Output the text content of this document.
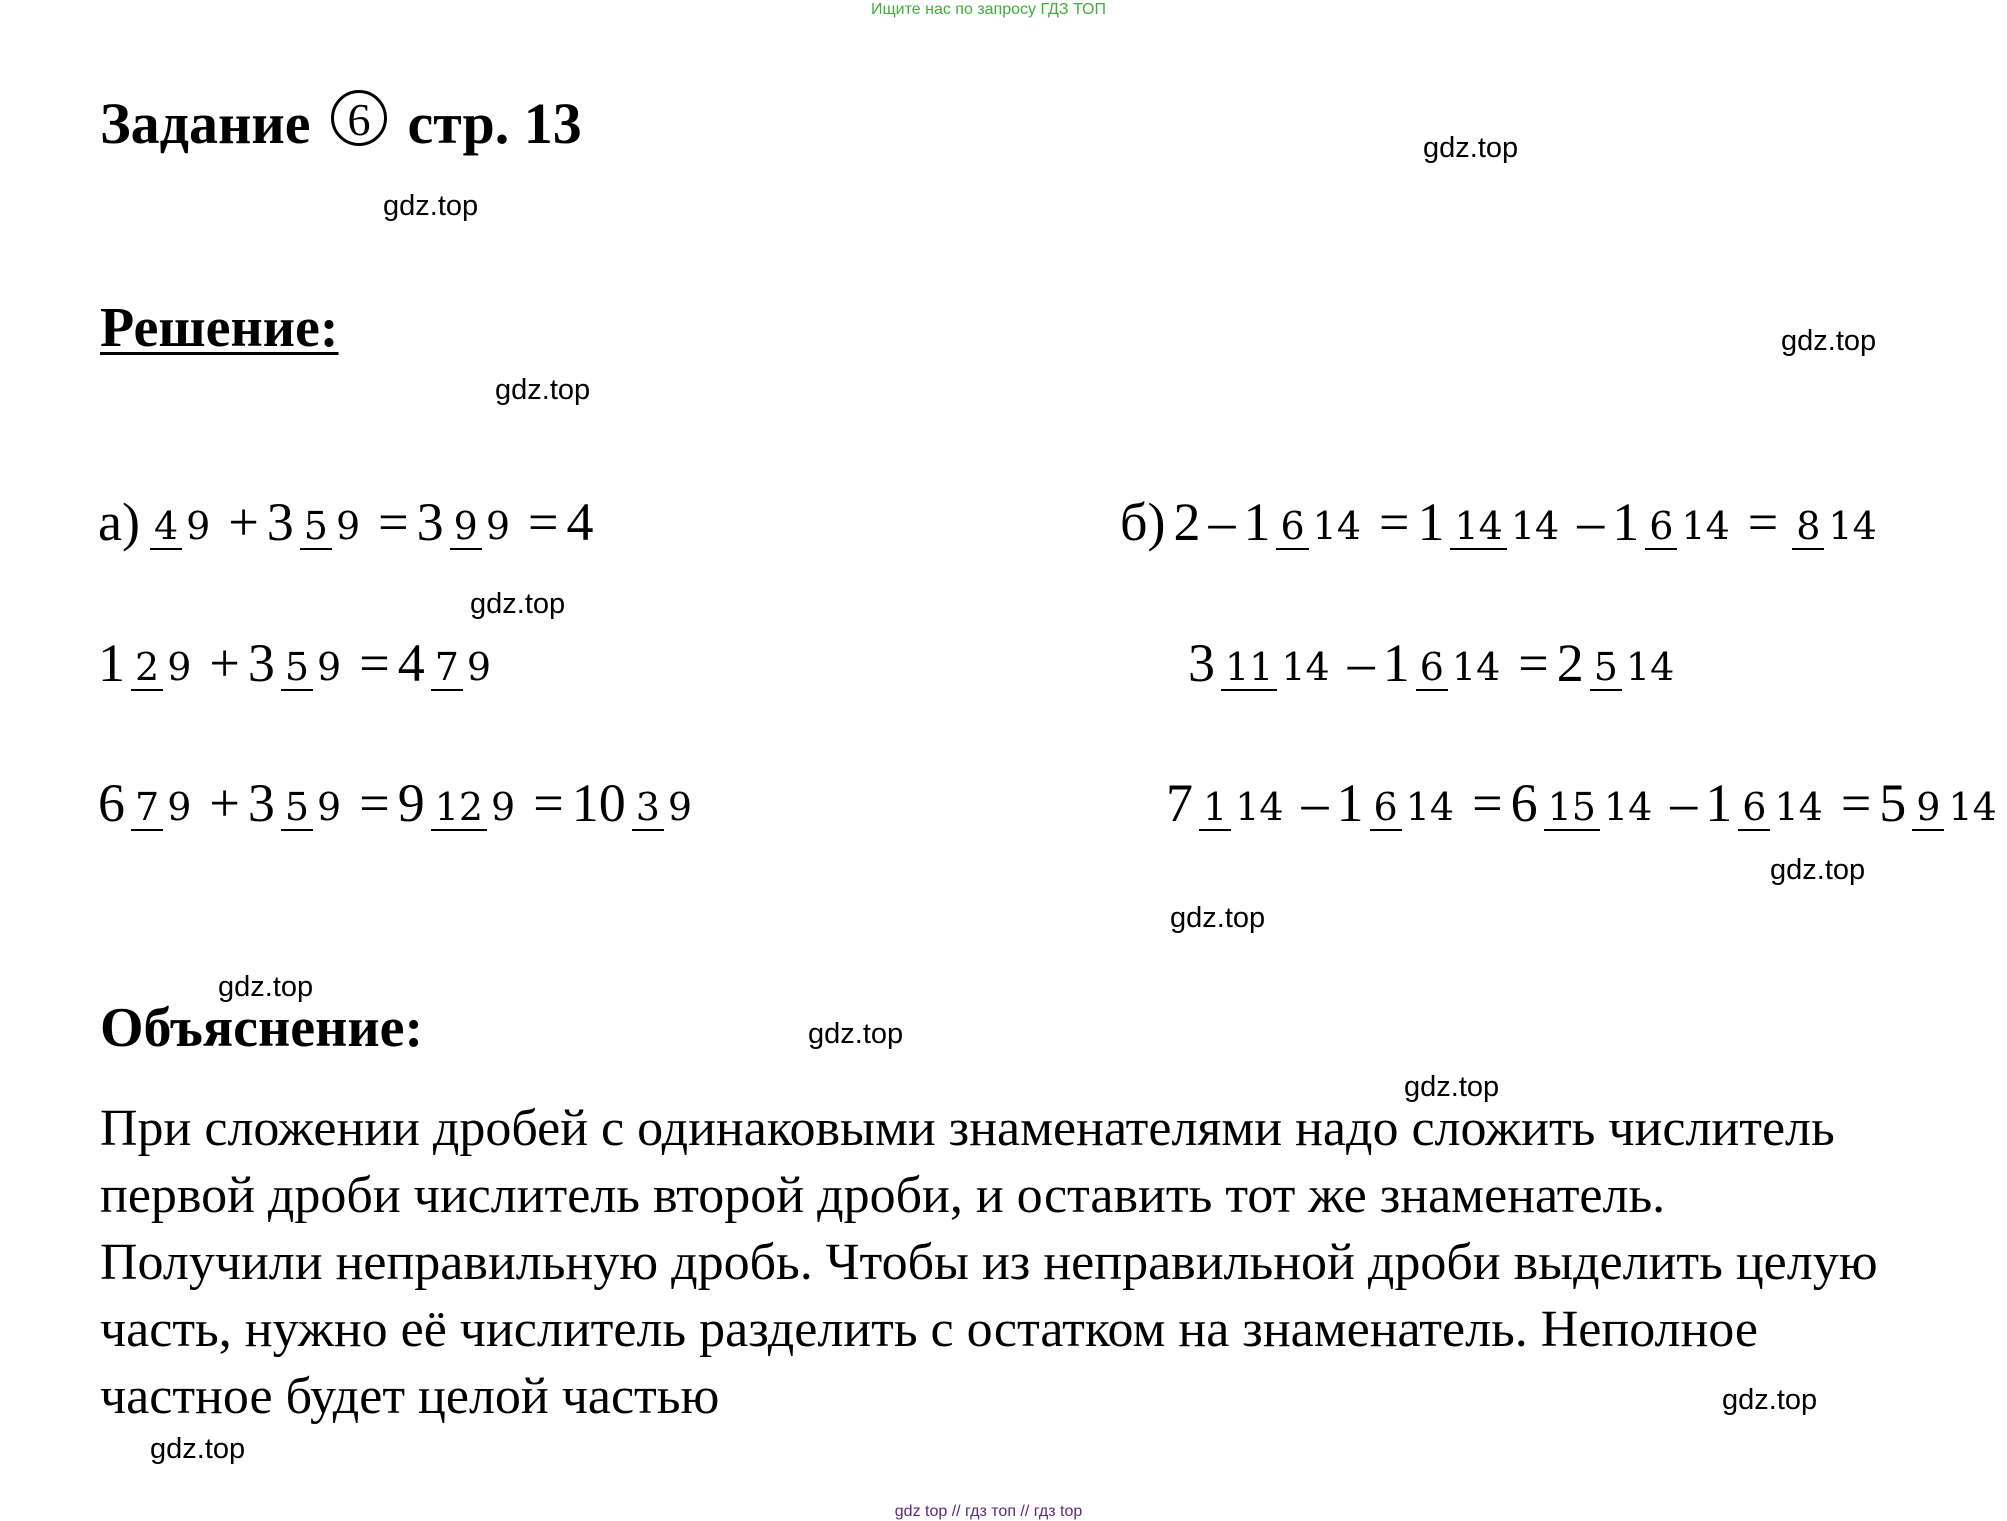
Ищите нас по запросу ГДЗ ТОП
Задание 6 стр. 13
Решение:
а) 4 9 + 3 5 9 = 3 9 9 = 4
1 2 9 + 3 5 9 = 4 7 9
6 7 9 + 3 5 9 = 9 12 9 = 10 3 9
б) 2 – 1 6 14 = 1 14 14 – 1 6 14 = 8 14
3 11 14 – 1 6 14 = 2 5 14
7 1 14 – 1 6 14 = 6 15 14 – 1 6 14 = 5 9 14
Объяснение:
При сложении дробей с одинаковыми знаменателями надо сложить числитель первой дроби числитель второй дроби, и оставить тот же знаменатель. Получили неправильную дробь. Чтобы из неправильной дроби выделить целую часть, нужно её числитель разделить с остатком на знаменатель. Неполное частное будет целой частью
gdz.top
gdz.top
gdz.top
gdz.top
gdz.top
gdz.top
gdz.top
gdz.top
gdz.top
gdz.top
gdz.top
gdz.top
gdz top // гдз топ // гдз top
